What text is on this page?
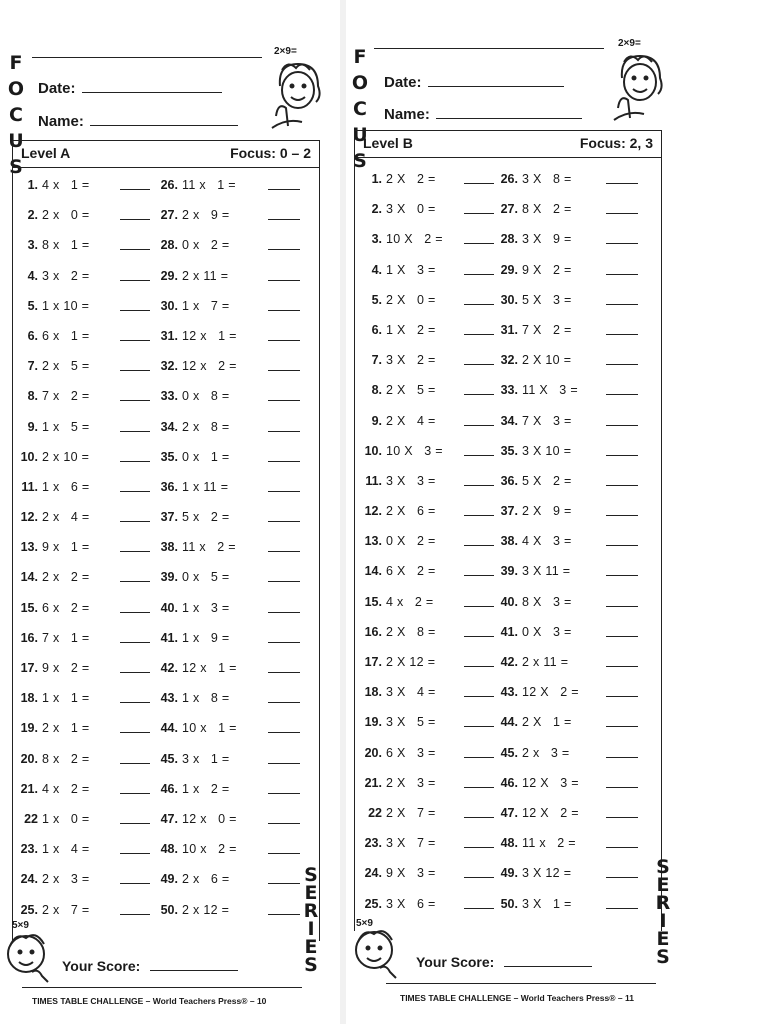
F
O
C
U
S
Date:
Name:
2×9=
Level A	Focus: 0 – 2
1. 4 x   1 =
2. 2 x   0 =
3. 8 x   1 =
4. 3 x   2 =
5. 1 x 10 =
6. 6 x   1 =
7. 2 x   5 =
8. 7 x   2 =
9. 1 x   5 =
10. 2 x 10 =
11. 1 x   6 =
12. 2 x   4 =
13. 9 x   1 =
14. 2 x   2 =
15. 6 x   2 =
16. 7 x   1 =
17. 9 x   2 =
18. 1 x   1 =
19. 2 x   1 =
20. 8 x   2 =
21. 4 x   2 =
22 1 x   0 =
23. 1 x   4 =
24. 2 x   3 =
25. 2 x   7 =
26. 11 x   1 =
27. 2 x   9 =
28. 0 x   2 =
29. 2 x 11 =
30. 1 x   7 =
31. 12 x   1 =
32. 12 x   2 =
33. 0 x   8 =
34. 2 x   8 =
35. 0 x   1 =
36. 1 x 11 =
37. 5 x   2 =
38. 11 x   2 =
39. 0 x   5 =
40. 1 x   3 =
41. 1 x   9 =
42. 12 x   1 =
43. 1 x   8 =
44. 10 x   1 =
45. 3 x   1 =
46. 1 x   2 =
47. 12 x   0 =
48. 10 x   2 =
49. 2 x   6 =
50. 2 x 12 =
S
E
R
I
E
S
5×9
Your Score:
TIMES TABLE CHALLENGE – World Teachers Press® – 10
F
O
C
U
S
Date:
Name:
2×9=
Level B	Focus: 2, 3
1. 2 X   2 =
2. 3 X   0 =
3. 10 X   2 =
4. 1 X   3 =
5. 2 X   0 =
6. 1 X   2 =
7. 3 X   2 =
8. 2 X   5 =
9. 2 X   4 =
10. 10 X   3 =
11. 3 X   3 =
12. 2 X   6 =
13. 0 X   2 =
14. 6 X   2 =
15. 4 x   2 =
16. 2 X   8 =
17. 2 X 12 =
18. 3 X   4 =
19. 3 X   5 =
20. 6 X   3 =
21. 2 X   3 =
22 2 X   7 =
23. 3 X   7 =
24. 9 X   3 =
25. 3 X   6 =
26. 3 X   8 =
27. 8 X   2 =
28. 3 X   9 =
29. 9 X   2 =
30. 5 X   3 =
31. 7 X   2 =
32. 2 X 10 =
33. 11 X   3 =
34. 7 X   3 =
35. 3 X 10 =
36. 5 X   2 =
37. 2 X   9 =
38. 4 X   3 =
39. 3 X 11 =
40. 8 X   3 =
41. 0 X   3 =
42. 2 x 11 =
43. 12 X   2 =
44. 2 X   1 =
45. 2 x   3 =
46. 12 X   3 =
47. 12 X   2 =
48. 11 x   2 =
49. 3 X 12 =
50. 3 X   1 =
S
E
R
I
E
S
5×9
Your Score:
TIMES TABLE CHALLENGE – World Teachers Press® – 11
